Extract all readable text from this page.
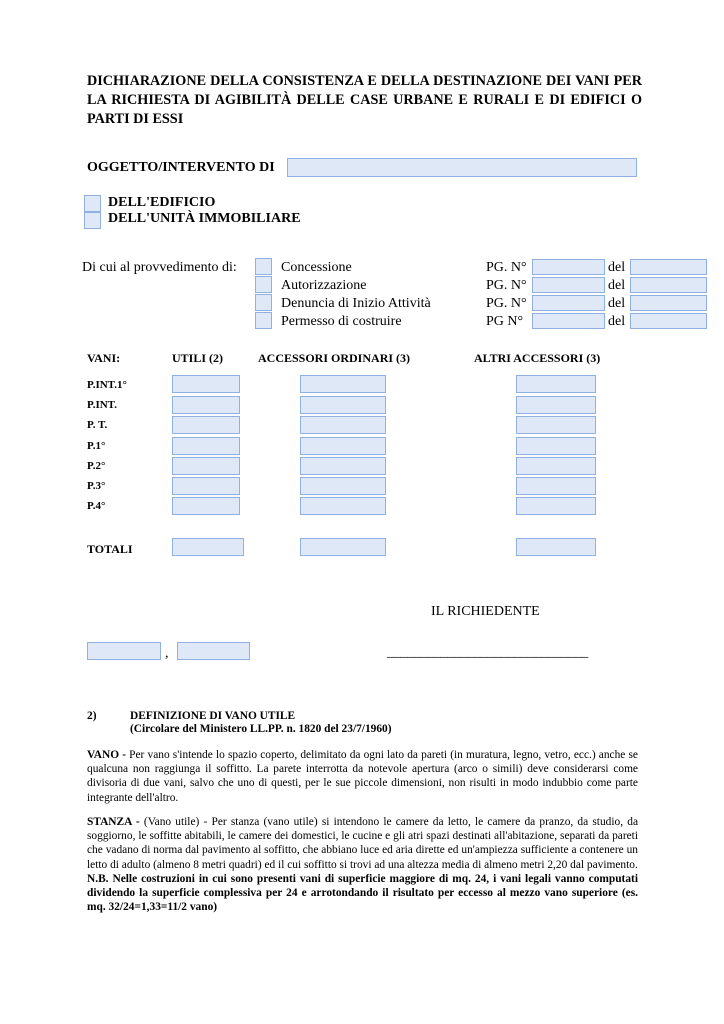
DICHIARAZIONE DELLA CONSISTENZA E DELLA DESTINAZIONE DEI VANI PER LA RICHIESTA DI AGIBILITÀ DELLE CASE URBANE E RURALI E DI EDIFICI O PARTI DI ESSI
OGGETTO/INTERVENTO DI
DELL'EDIFICIO
DELL'UNITÀ IMMOBILIARE
Di cui al provvedimento di:	Concessione	PG. N°	del
Autorizzazione	PG. N°	del
Denuncia di Inizio Attività	PG. N°	del
Permesso di costruire	PG N°	del
VANI:	UTILI (2)	ACCESSORI ORDINARI (3)	ALTRI ACCESSORI (3)
P.INT.1°
P.INT.
P. T.
P.1°
P.2°
P.3°
P.4°
TOTALI
IL RICHIEDENTE
,	______________________________
2)	DEFINIZIONE DI VANO UTILE
(Circolare del Ministero LL.PP. n. 1820 del 23/7/1960)

VANO - Per vano s'intende lo spazio coperto, delimitato da ogni lato da pareti (in muratura, legno, vetro, ecc.) anche se qualcuna non raggiunga il soffitto. La parete interrotta da notevole apertura (arco o simili) deve considerarsi come divisoria di due vani, salvo che uno di questi, per le sue piccole dimensioni, non risulti in modo indubbio come parte integrante dell'altro.

STANZA - (Vano utile) - Per stanza (vano utile) si intendono le camere da letto, le camere da pranzo, da studio, da soggiorno, le soffitte abitabili, le camere dei domestici, le cucine e gli atri spazi destinati all'abitazione, separati da pareti che vadano di norma dal pavimento al soffitto, che abbiano luce ed aria dirette ed un'ampiezza sufficiente a contenere un letto di adulto (almeno 8 metri quadri) ed il cui soffitto si trovi ad una altezza media di almeno metri 2,20 dal pavimento.

N.B. Nelle costruzioni in cui sono presenti vani di superficie maggiore di mq. 24, i vani legali vanno computati dividendo la superficie complessiva per 24 e arrotondando il risultato per eccesso al mezzo vano superiore (es. mq. 32/24=1,33=11/2 vano)
